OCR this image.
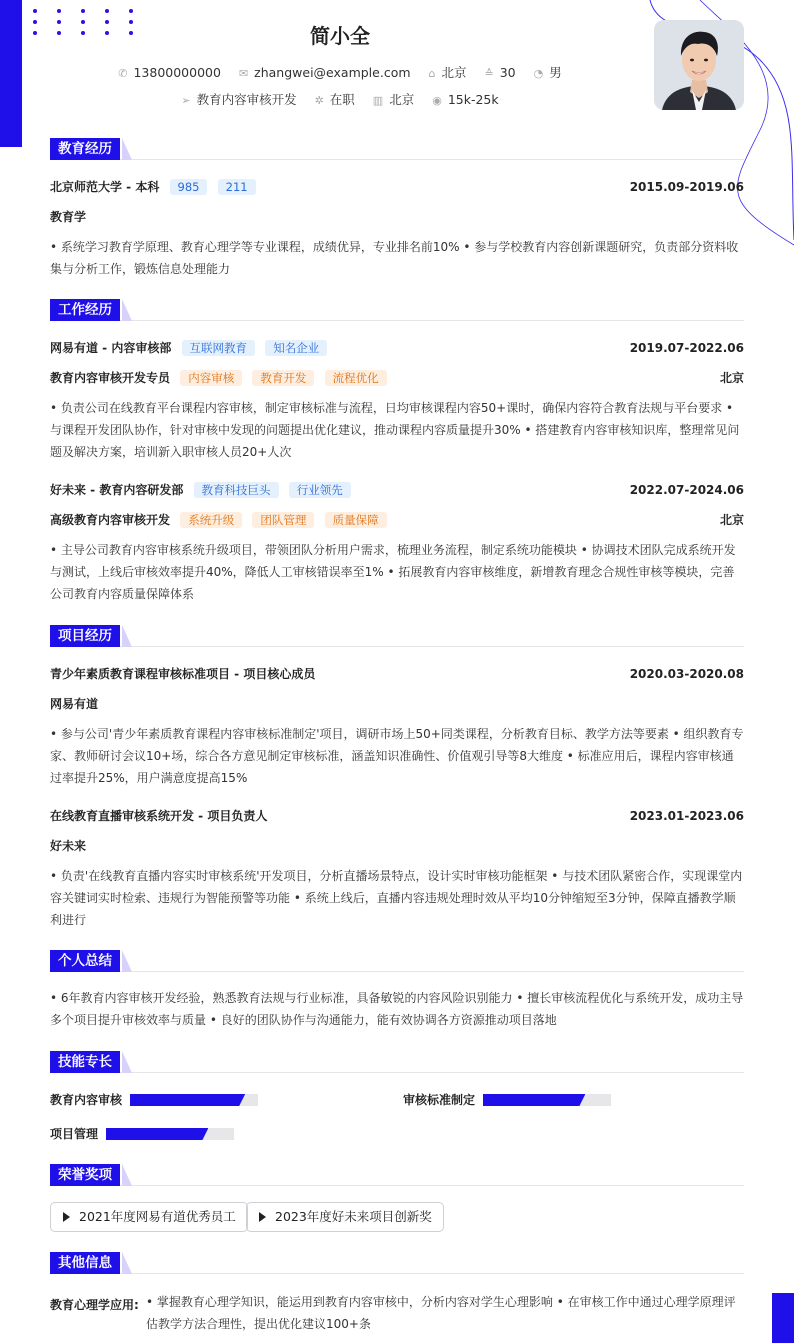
简小全
✆ 13800000000 ✉ zhangwei@example.com ⌂ 北京 ≙ 30 ◔ 男
➢ 教育内容审核开发 ✲ 在职 ▥ 北京 ◉ 15k-25k
教育经历
北京师范大学 - 本科 985 211	2015.09-2019.06
教育学
• 系统学习教育学原理、教育心理学等专业课程，成绩优异，专业排名前10% • 参与学校教育内容创新课题研究，负责部分资料收集与分析工作，锻炼信息处理能力
工作经历
网易有道 - 内容审核部 互联网教育 知名企业	2019.07-2022.06
教育内容审核开发专员 内容审核 教育开发 流程优化	北京
• 负责公司在线教育平台课程内容审核，制定审核标准与流程，日均审核课程内容50+课时，确保内容符合教育法规与平台要求 • 与课程开发团队协作，针对审核中发现的问题提出优化建议，推动课程内容质量提升30% • 搭建教育内容审核知识库，整理常见问题及解决方案，培训新入职审核人员20+人次
好未来 - 教育内容研发部 教育科技巨头 行业领先	2022.07-2024.06
高级教育内容审核开发 系统升级 团队管理 质量保障	北京
• 主导公司教育内容审核系统升级项目，带领团队分析用户需求，梳理业务流程，制定系统功能模块 • 协调技术团队完成系统开发与测试，上线后审核效率提升40%，降低人工审核错误率至1% • 拓展教育内容审核维度，新增教育理念合规性审核等模块，完善公司教育内容质量保障体系
项目经历
青少年素质教育课程审核标准项目 - 项目核心成员	2020.03-2020.08
网易有道
• 参与公司'青少年素质教育课程内容审核标准制定'项目，调研市场上50+同类课程，分析教育目标、教学方法等要素 • 组织教育专家、教师研讨会议10+场，综合各方意见制定审核标准，涵盖知识准确性、价值观引导等8大维度 • 标准应用后，课程内容审核通过率提升25%，用户满意度提高15%
在线教育直播审核系统开发 - 项目负责人	2023.01-2023.06
好未来
• 负责'在线教育直播内容实时审核系统'开发项目，分析直播场景特点，设计实时审核功能框架 • 与技术团队紧密合作，实现课堂内容关键词实时检索、违规行为智能预警等功能 • 系统上线后，直播内容违规处理时效从平均10分钟缩短至3分钟，保障直播教学顺利进行
个人总结
• 6年教育内容审核开发经验，熟悉教育法规与行业标准，具备敏锐的内容风险识别能力 • 擅长审核流程优化与系统开发，成功主导多个项目提升审核效率与质量 • 良好的团队协作与沟通能力，能有效协调各方资源推动项目落地
技能专长
教育内容审核	审核标准制定
项目管理
荣誉奖项
2021年度网易有道优秀员工	2023年度好未来项目创新奖
其他信息
教育心理学应用: • 掌握教育心理学知识，能运用到教育内容审核中，分析内容对学生心理影响 • 在审核工作中通过心理学原理评估教学方法合理性，提出优化建议100+条
